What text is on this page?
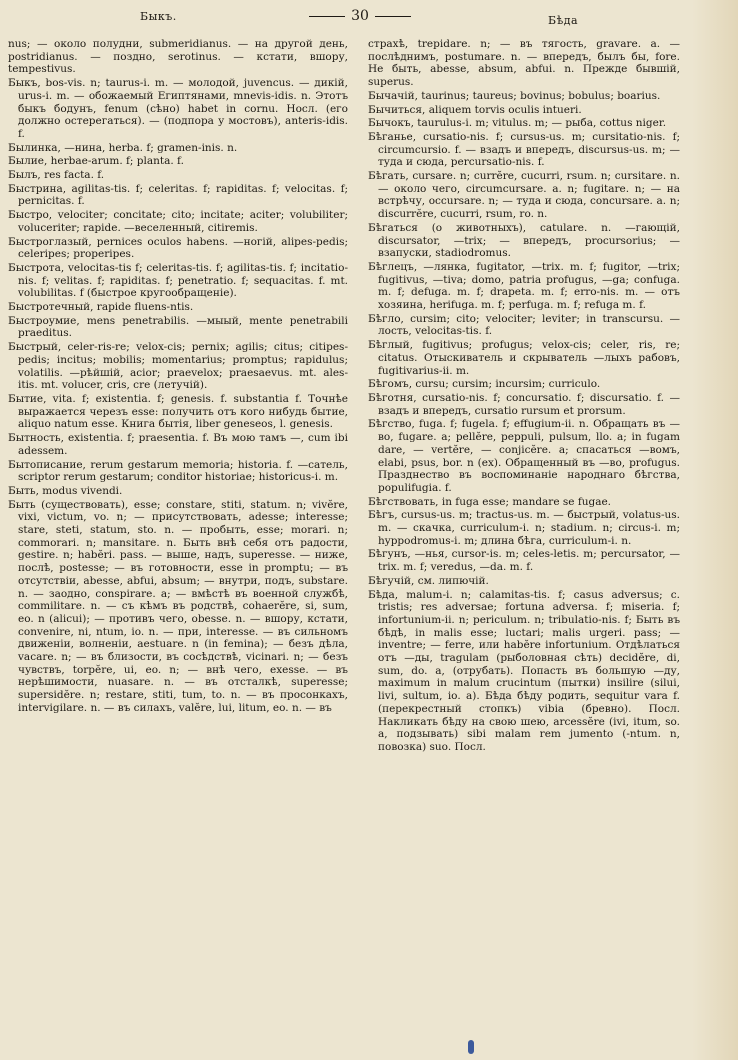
Быкъ.	30	Бѣда

nus; — около полудни, submeridianus. — на другой день, postridianus. — поздно, serotinus. — кстати, вшору, tempestivus.

Быкъ, bos-vis. n; taurus-i. m. — молодой, juvencus. — дикій, urus-i. m. — обожаемый Египтянами, mnevis-idis. n. Этотъ быкъ бодунъ, fenum (сѣно) habet in cornu. Носл. (его должно остерегаться). — (подпора у мостовъ), anteris-idis. f.

Былинка, —нина, herba. f; gramen-inis. n.

Былие, herbae-arum. f; planta. f.

Былъ, res facta. f.

Быстрина, agilitas-tis. f; celeritas. f; rapiditas. f; velocitas. f; pernicitas. f.

Быстро, velociter; concitate; cito; incitate; aciter; volubiliter; voluceriter; rapide. —веселенный, citiremis.

Быстроглазый, pernices oculos habens. —ногій, alipes-pedis; celeripes; properipes.

Быстрота, velocitas-tis f; celeritas-tis. f; agilitas-tis. f; incitatio-nis. f; velitas. f; rapiditas. f; penetratio. f; sequacitas. f. mt. volubilitas. f (быстрое кругообращеніе).

Быстротечный, rapide fluens-ntis.

Быстроумие, mens penetrabilis. —мыый, mente penetrabili praeditus.

Быстрый, celer-ris-re; velox-cis; pernix; agilis; citus; citipes-pedis; incitus; mobilis; momentarius; promptus; rapidulus; volatilis. —рѣйшій, acior; praevelox; praesaevus. mt. ales-itis. mt. volucer, cris, cre (летучій).

Бытие, vita. f; existentia. f; genesis. f. substantia f. Точнѣе выражается черезъ esse: получить отъ кого нибудь бытие, aliquo natum esse. Книга бытія, liber geneseos, l. genesis.

Бытность, existentia. f; praesentia. f. Въ мою тамъ —, cum ibi adessem.

Бытописание, rerum gestarum memoria; historia. f. —сатель, scriptor rerum gestarum; conditor historiae; historicus-i. m.

Быть, modus vivendi.

Быть (существовать), esse; constare, stiti, statum. n; vivĕre, vixi, victum, vo. n; — присутствовать, adesse; interesse; stare, steti, statum, sto. n. — пробыть, esse; morari. n; commorari. n; mansitare. n. Быть внѣ себя отъ радости, gestire. n; habĕri. pass. — выше, надъ, superesse. — ниже, послѣ, postesse; — въ готовности, esse in promptu; — въ отсутствіи, abesse, abfui, absum; — внутри, подъ, substare. n. — заодно, conspirare. a; — вмѣстѣ въ военной службѣ, commilitare. n. — съ кѣмъ въ родствѣ, cohaerĕre, si, sum, eo. n (alicui); — противъ чего, obesse. n. — вшору, кстати, convenire, ni, ntum, io. n. — при, interesse. — въ сильномъ движеніи, волненіи, aestuare. n (in femina); — безъ дѣла, vacare. n; — въ близости, въ сосѣдствѣ, vicinari. n; — безъ чувствъ, torpĕre, ui, eo. n; — внѣ чего, exesse. — въ нерѣшимости, nuasare. n. — въ отсталкѣ, superesse; supersidĕre. n; restare, stiti, tum, to. n. — въ просонкахъ, intervigilare. n. — въ силахъ, valĕre, lui, litum, eo. n. — въ

страхѣ, trepidare. n; — въ тягость, gravare. a. — послѣднимъ, postumare. n. — впередъ, былъ бы, fore. Не быть, abesse, absum, abfui. n. Прежде бывшій, superus.

Бычачій, taurinus; taureus; bovinus; bobulus; boarius.

Бычиться, aliquem torvis oculis intueri.

Бычокъ, taurulus-i. m; vitulus. m; — рыба, cottus niger.

Бѣганье, cursatio-nis. f; cursus-us. m; cursitatio-nis. f; circumcursio. f. — взадъ и впередъ, discursus-us. m; — туда и сюда, percursatio-nis. f.

Бѣгать, cursare. n; currĕre, cucurri, rsum. n; cursitare. n. — около чего, circumcursare. a. n; fugitare. n; — на встрѣчу, occursare. n; — туда и сюда, concursare. a. n; discurrĕre, cucurri, rsum, ro. n.

Бѣгаться (о животныхъ), catulare. n. —гающій, discursator, —trix; — впередъ, procursorius; — взапуски, stadiodromus.

Бѣглецъ, —лянка, fugitator, —trix. m. f; fugitor, —trix; fugitivus, —tiva; domo, patria profugus, —ga; confuga. m. f; defuga. m. f; drapeta. m. f; erro-nis. m. — отъ хозяина, herifuga. m. f; perfuga. m. f; refuga m. f.

Бѣгло, cursim; cito; velociter; leviter; in transcursu. —лость, velocitas-tis. f.

Бѣглый, fugitivus; profugus; velox-cis; celer, ris, re; citatus. Отыскиватель и скрыватель —лыхъ рабовъ, fugitivarius-ii. m.

Бѣгомъ, cursu; cursim; incursim; curriculo.

Бѣготня, cursatio-nis. f; concursatio. f; discursatio. f. — взадъ и впередъ, cursatio rursum et prorsum.

Бѣгство, fuga. f; fugela. f; effugium-ii. n. Обращать въ —во, fugare. a; pellĕre, peppuli, pulsum, llo. a; in fugam dare, — vertĕre, — conjicĕre. a; спасаться —вомъ, elabi, psus, bor. n (ex). Обращенный въ —во, profugus. Празднество въ воспоминаніе народнаго бѣгства, populifugia. f.

Бѣгствовать, in fuga esse; mandare se fugae.

Бѣгъ, cursus-us. m; tractus-us. m. — быстрый, volatus-us. m. — скачка, curriculum-i. n; stadium. n; circus-i. m; hyppodromus-i. m; длина бѣга, curriculum-i. n.

Бѣгунъ, —нья, cursor-is. m; celes-letis. m; percursator, —trix. m. f; veredus, —da. m. f.

Бѣгучій, см. липючій.

Бѣда, malum-i. n; calamitas-tis. f; casus adversus; c. tristis; res adversae; fortuna adversa. f; miseria. f; infortunium-ii. n; periculum. n; tribulatio-nis. f; Быть въ бѣдѣ, in malis esse; luctari; malis urgeri. pass; — inventre; — ferre, или habĕre infortunium. Отдѣлаться отъ —ды, tragulam (рыболовная сѣть) decidĕre, di, sum, do. a, (отрубать). Попасть въ большую —ду, maximum in malum crucintum (пытки) insilire (silui, livi, sultum, io. a). Бѣда бѣду родить, sequitur vara f. (перекрестный стопкъ) vibia (бревно). Посл. Накликать бѣду на свою шею, arcessĕre (ivi, itum, so. a, подзывать) sibi malam rem jumento (-ntum. n, повозка) suo. Посл.
